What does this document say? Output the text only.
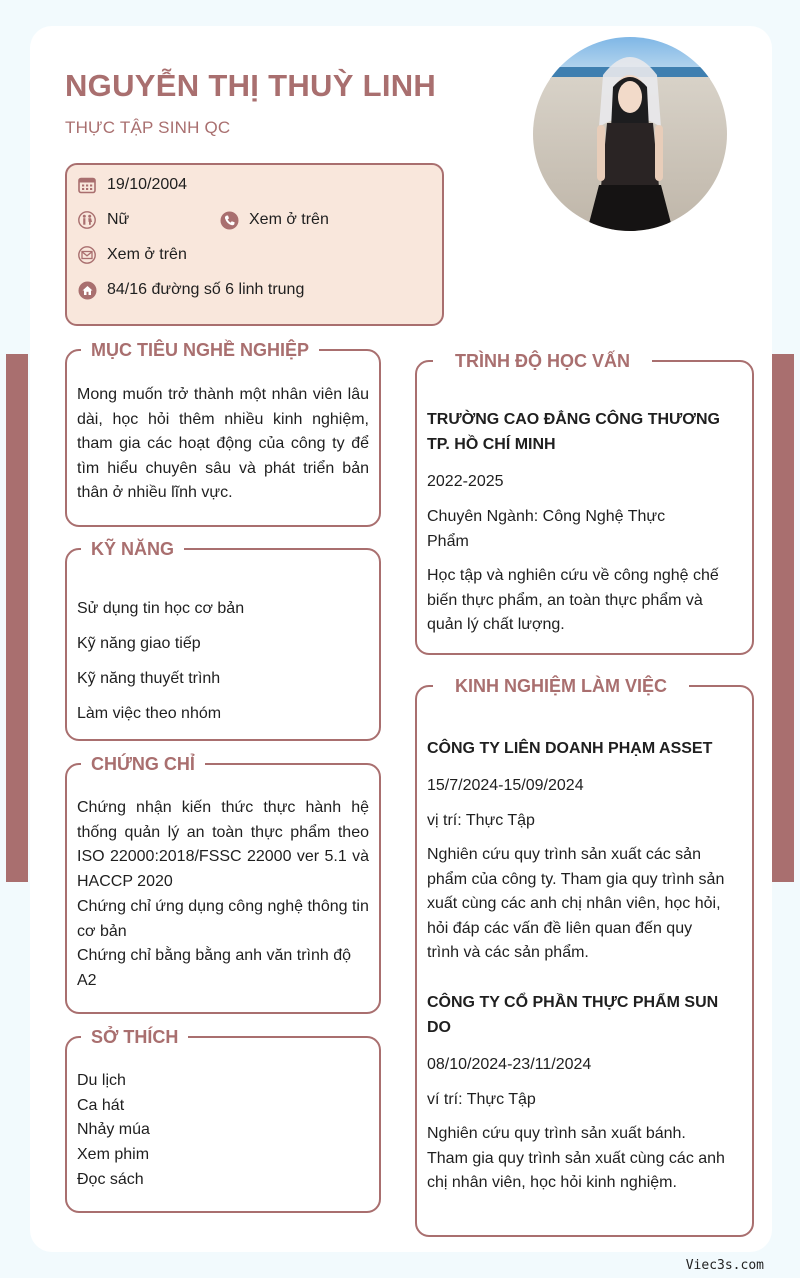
NGUYỄN THỊ THUỲ LINH
THỰC TẬP SINH QC
19/10/2004
Nữ	Xem ở trên
Xem ở trên
84/16 đường số 6 linh trung
MỤC TIÊU NGHỀ NGHIỆP
Mong muốn trở thành một nhân viên lâu dài, học hỏi thêm nhiều kinh nghiệm, tham gia các hoạt động của công ty để tìm hiểu chuyên sâu và phát triển bản thân ở nhiều lĩnh vực.
KỸ NĂNG
Sử dụng tin học cơ bản
Kỹ năng giao tiếp
Kỹ năng thuyết trình
Làm việc theo nhóm
CHỨNG CHỈ
Chứng nhận kiến thức thực hành hệ thống quản lý an toàn thực phẩm theo ISO 22000:2018/FSSC 22000 ver 5.1 và HACCP 2020
Chứng chỉ ứng dụng công nghệ thông tin cơ bản
Chứng chỉ bằng bằng anh văn trình độ A2
SỞ THÍCH
Du lịch
Ca hát
Nhảy múa
Xem phim
Đọc sách
TRÌNH ĐỘ HỌC VẤN
TRƯỜNG CAO ĐẲNG CÔNG THƯƠNG TP. HỒ CHÍ MINH
2022-2025
Chuyên Ngành: Công Nghệ Thực Phẩm
Học tập và nghiên cứu về công nghệ chế biến thực phẩm, an toàn thực phẩm và quản lý chất lượng.
KINH NGHIỆM LÀM VIỆC
CÔNG TY LIÊN DOANH PHẠM ASSET
15/7/2024-15/09/2024
vị trí: Thực Tập
Nghiên cứu quy trình sản xuất các sản phẩm của công ty. Tham gia quy trình sản xuất cùng các anh chị nhân viên, học hỏi, hỏi đáp các vấn đề liên quan đến quy trình và các sản phẩm.
CÔNG TY CỔ PHẦN THỰC PHẨM SUN DO
08/10/2024-23/11/2024
ví trí: Thực Tập
Nghiên cứu quy trình sản xuất bánh. Tham gia quy trình sản xuất cùng các anh chị nhân viên, học hỏi kinh nghiệm.
Viec3s.com
